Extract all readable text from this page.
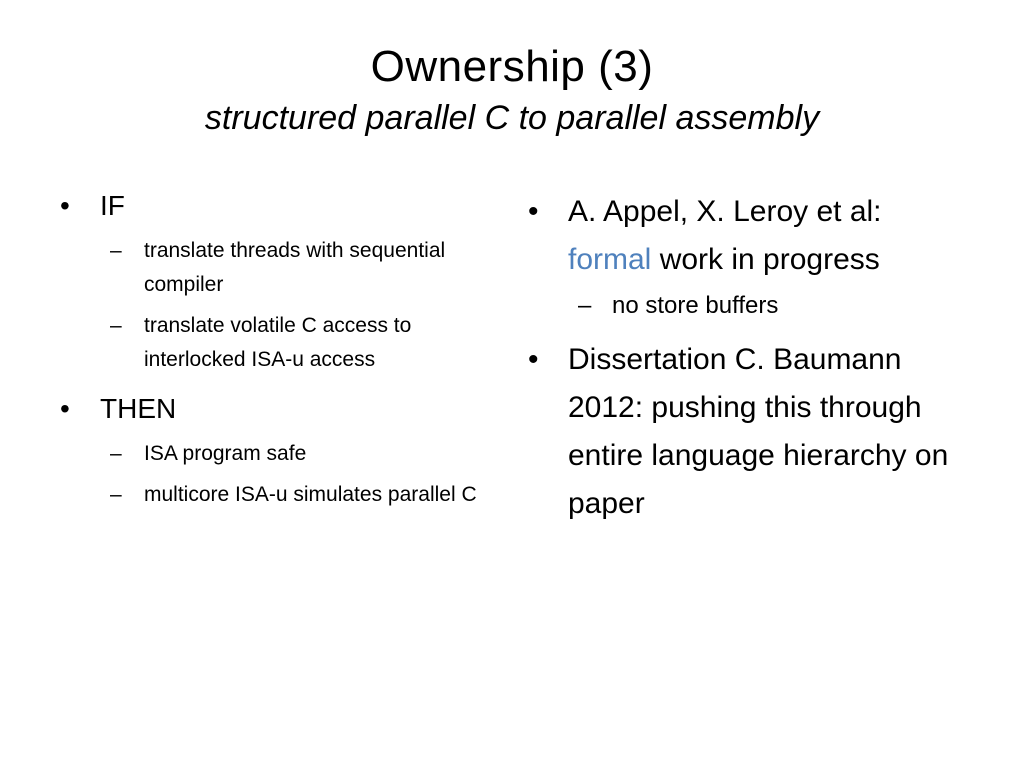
Ownership (3)
structured parallel C to parallel assembly
• IF
– translate threads with sequential compiler
– translate volatile C access to interlocked ISA-u access
• THEN
– ISA program safe
– multicore ISA-u simulates parallel C
• A. Appel, X. Leroy et al:
formal work in progress
– no store buffers
• Dissertation C. Baumann 2012: pushing this through entire language hierarchy on paper
